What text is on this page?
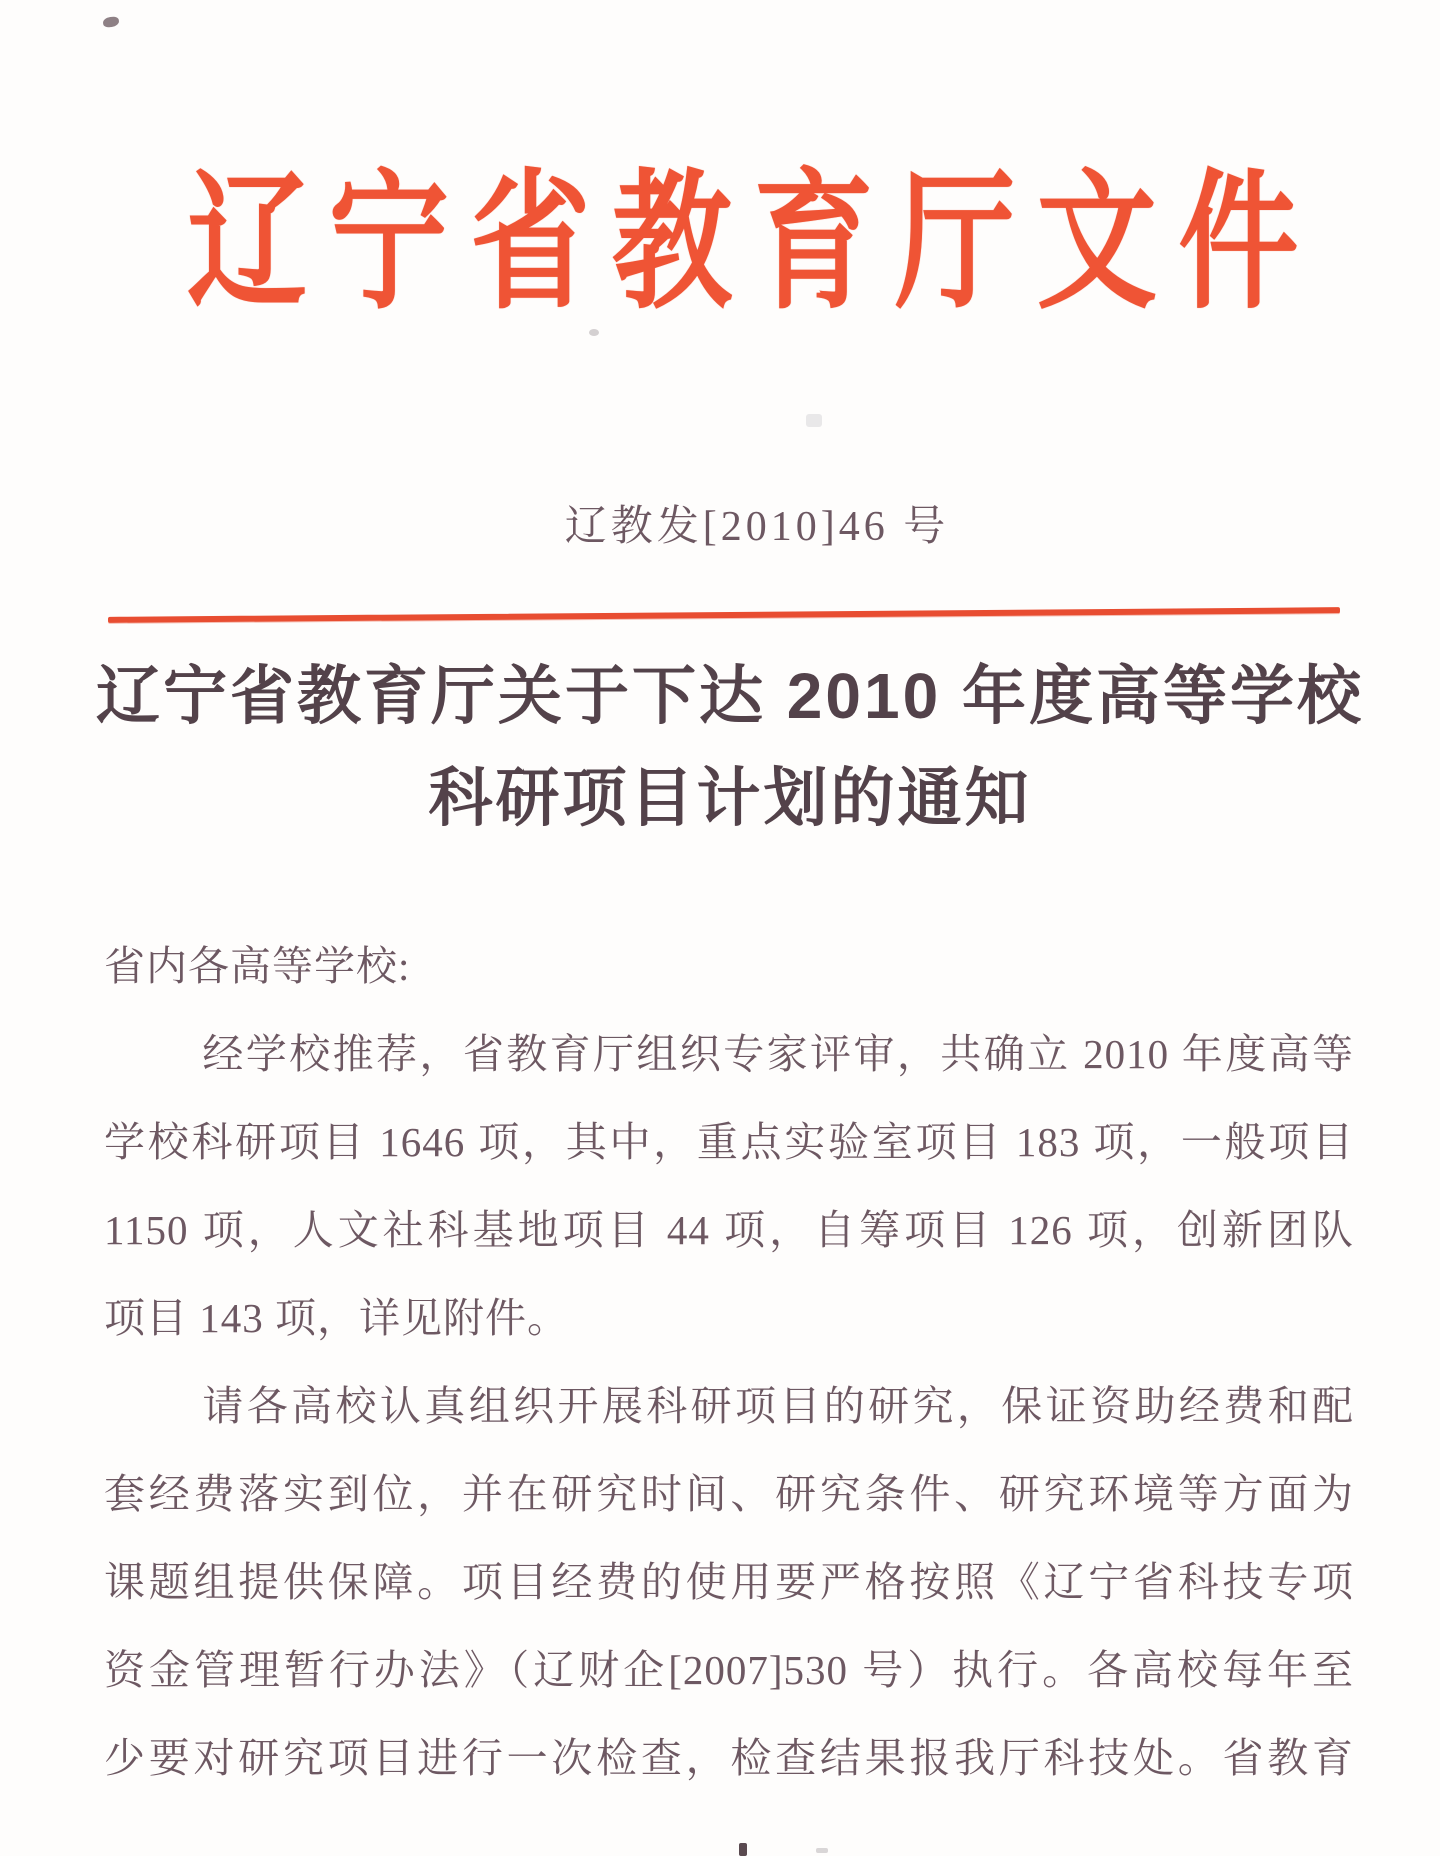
辽宁省教育厅文件
辽教发[2010]46 号
辽宁省教育厅关于下达 2010 年度高等学校
科研项目计划的通知
省内各高等学校:
经学校推荐，省教育厅组织专家评审，共确立 2010 年度高等
学校科研项目 1646 项，其中，重点实验室项目 183 项，一般项目
1150 项，人文社科基地项目 44 项，自筹项目 126 项，创新团队
项目 143 项，详见附件。
请各高校认真组织开展科研项目的研究，保证资助经费和配
套经费落实到位，并在研究时间、研究条件、研究环境等方面为
课题组提供保障。项目经费的使用要严格按照《辽宁省科技专项
资金管理暂行办法》（辽财企[2007]530 号）执行。各高校每年至
少要对研究项目进行一次检查，检查结果报我厅科技处。省教育
